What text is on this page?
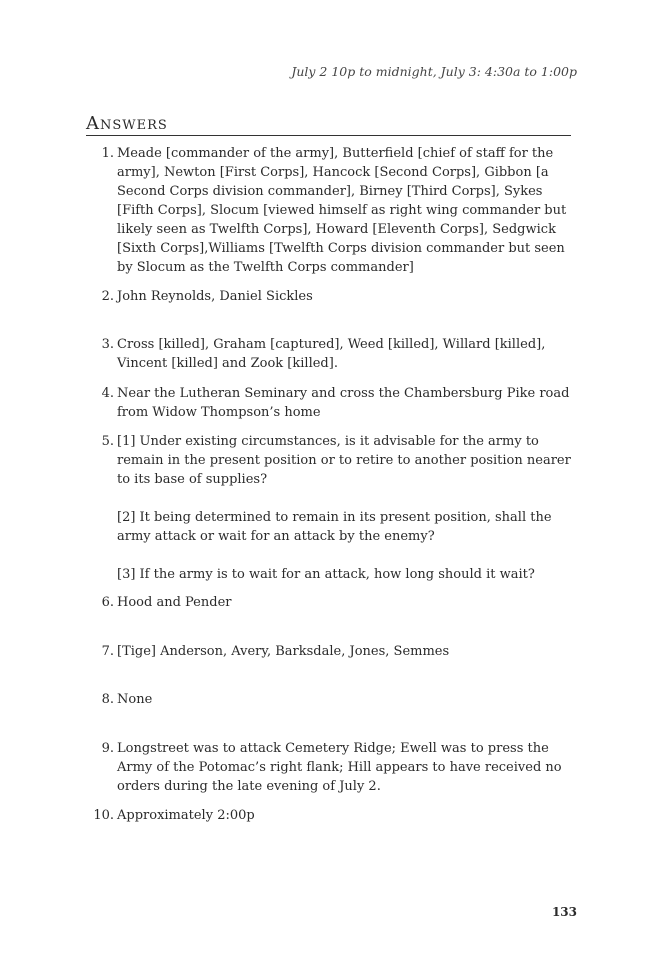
July 2 10p to midnight, July 3: 4:30a to 1:00p
Answers
1. Meade [commander of the army], Butterfield [chief of staff for the army], Newton [First Corps], Hancock [Second Corps], Gibbon [a Second Corps division commander], Birney [Third Corps], Sykes [Fifth Corps], Slocum [viewed himself as right wing commander but likely seen as Twelfth Corps], Howard [Eleventh Corps], Sedgwick [Sixth Corps],Williams [Twelfth Corps division commander but seen by Slocum as the Twelfth Corps commander]

2. John Reynolds, Daniel Sickles

3. Cross [killed], Graham [captured], Weed [killed], Willard [killed], Vincent [killed] and Zook [killed].

4. Near the Lutheran Seminary and cross the Chambersburg Pike road from Widow Thompson’s home

5. [1] Under existing circumstances, is it advisable for the army to remain in the present position or to retire to another position nearer to its base of supplies?

[2] It being determined to remain in its present position, shall the army attack or wait for an attack by the enemy?

[3] If the army is to wait for an attack, how long should it wait?

6. Hood and Pender

7. [Tige] Anderson, Avery, Barksdale, Jones, Semmes

8. None

9. Longstreet was to attack Cemetery Ridge; Ewell was to press the Army of the Potomac’s right flank; Hill appears to have received no orders during the late evening of July 2.

10. Approximately 2:00p

133
